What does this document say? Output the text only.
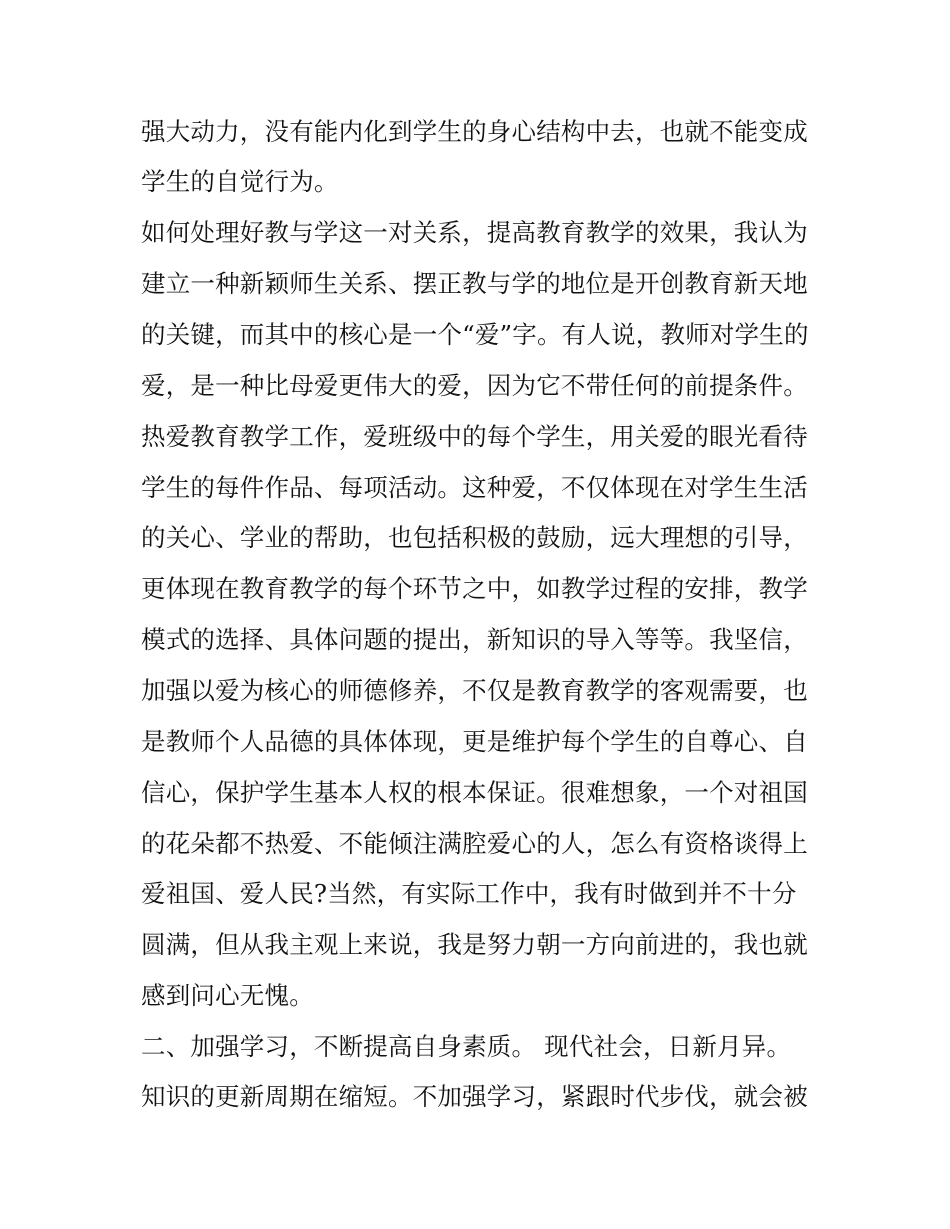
强大动力，没有能内化到学生的身心结构中去，也就不能变成
学生的自觉行为。
如何处理好教与学这一对关系，提高教育教学的效果，我认为
建立一种新颖师生关系、摆正教与学的地位是开创教育新天地
的关键，而其中的核心是一个“爱”字。有人说，教师对学生的
爱，是一种比母爱更伟大的爱，因为它不带任何的前提条件。
热爱教育教学工作，爱班级中的每个学生，用关爱的眼光看待
学生的每件作品、每项活动。这种爱，不仅体现在对学生生活
的关心、学业的帮助，也包括积极的鼓励，远大理想的引导，
更体现在教育教学的每个环节之中，如教学过程的安排，教学
模式的选择、具体问题的提出，新知识的导入等等。我坚信，
加强以爱为核心的师德修养，不仅是教育教学的客观需要，也
是教师个人品德的具体体现，更是维护每个学生的自尊心、自
信心，保护学生基本人权的根本保证。很难想象，一个对祖国
的花朵都不热爱、不能倾注满腔爱心的人，怎么有资格谈得上
爱祖国、爱人民?当然，有实际工作中，我有时做到并不十分
圆满，但从我主观上来说，我是努力朝一方向前进的，我也就
感到问心无愧。
二、加强学习，不断提高自身素质。 现代社会，日新月异。
知识的更新周期在缩短。不加强学习，紧跟时代步伐，就会被
